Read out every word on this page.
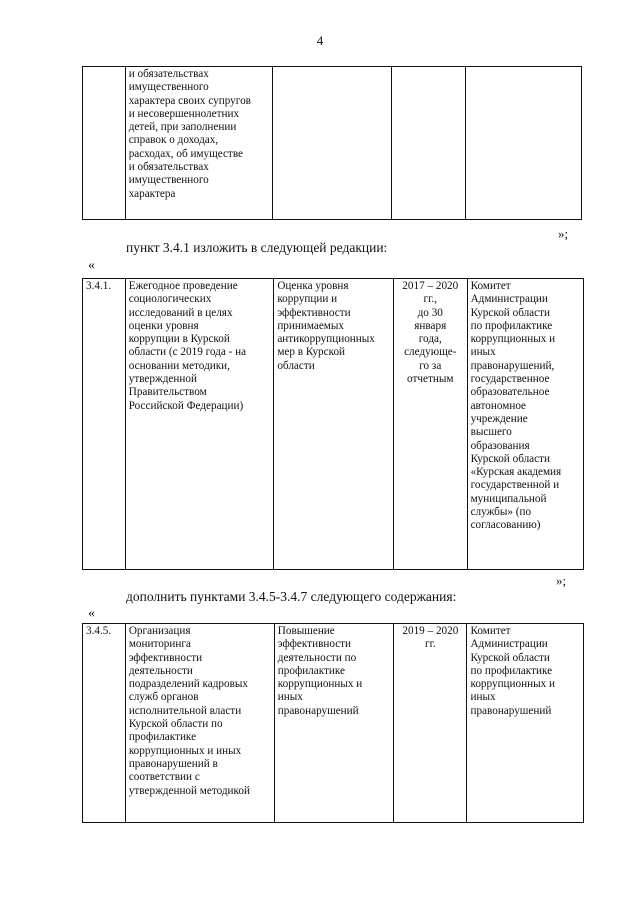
4
	и обязательствах
имущественного
характера своих супругов
и несовершеннолетних
детей, при заполнении
справок о доходах,
расходах, об имуществе
и обязательствах
имущественного
характера			
»;
пункт 3.4.1 изложить в следующей редакции:
«
3.4.1.	Ежегодное проведение
социологических
исследований в целях
оценки уровня
коррупции в Курской
области (с 2019 года - на
основании методики,
утвержденной
Правительством
Российской Федерации)	Оценка уровня
коррупции и
эффективности
принимаемых
антикоррупционных
мер в Курской
области	2017 – 2020
гг.,
до 30
января
года,
следующе-
го за
отчетным	Комитет
Администрации
Курской области
по профилактике
коррупционных и
иных
правонарушений,
государственное
образовательное
автономное
учреждение
высшего
образования
Курской области
«Курская академия
государственной и
муниципальной
службы» (по
согласованию)
»;
дополнить пунктами 3.4.5-3.4.7 следующего содержания:
«
3.4.5.	Организация
мониторинга
эффективности
деятельности
подразделений кадровых
служб органов
исполнительной власти
Курской области по
профилактике
коррупционных и иных
правонарушений в
соответствии с
утвержденной методикой	Повышение
эффективности
деятельности по
профилактике
коррупционных и
иных
правонарушений	2019 – 2020
гг.	Комитет
Администрации
Курской области
по профилактике
коррупционных и
иных
правонарушений
